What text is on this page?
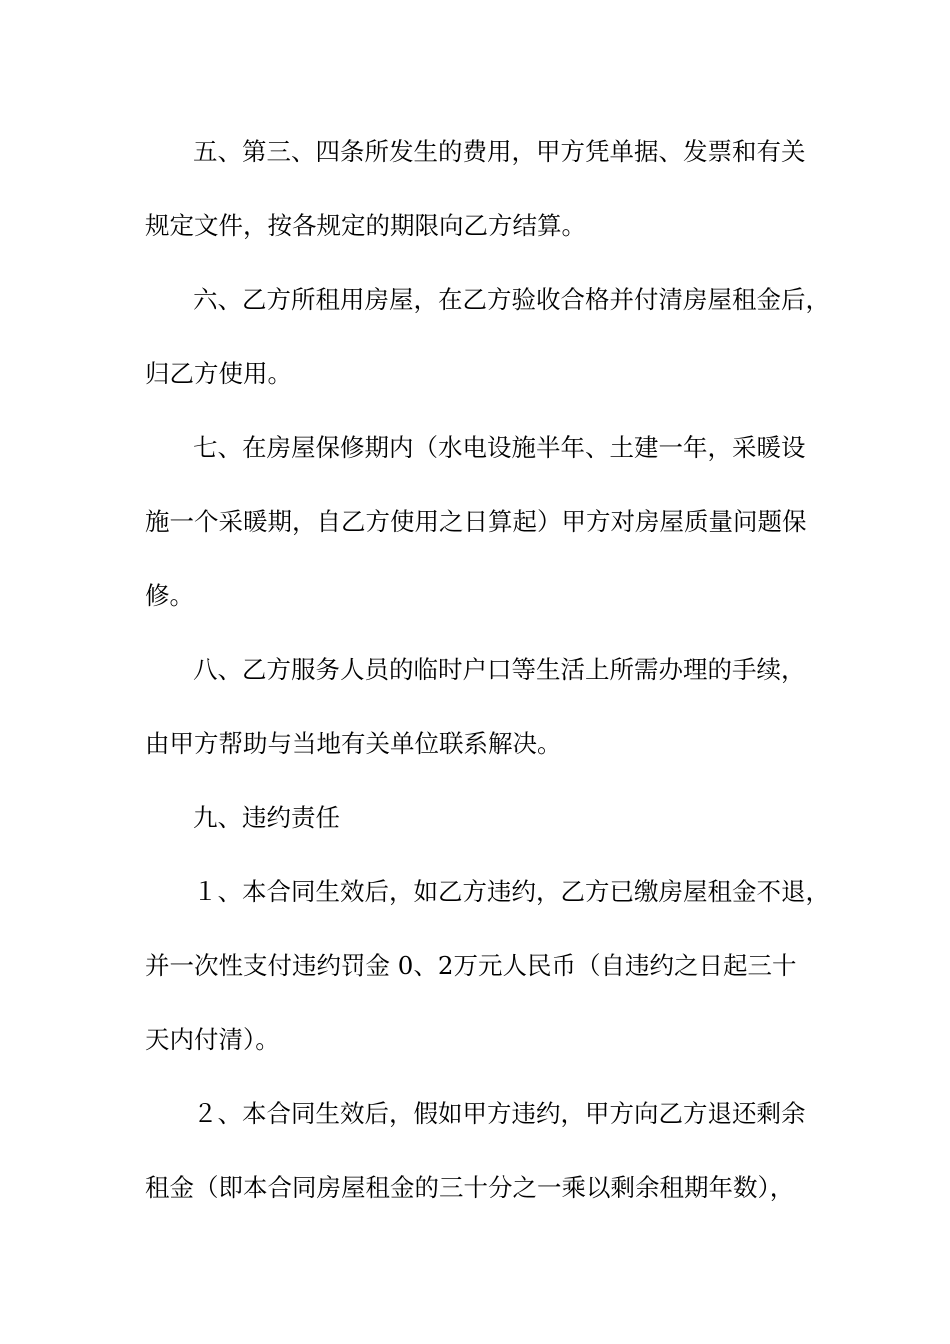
五、第三、四条所发生的费用，甲方凭单据、发票和有关
规定文件，按各规定的期限向乙方结算。
六、乙方所租用房屋，在乙方验收合格并付清房屋租金后，
归乙方使用。
七、在房屋保修期内（水电设施半年、土建一年，采暖设
施一个采暖期，自乙方使用之日算起）甲方对房屋质量问题保
修。
八、乙方服务人员的临时户口等生活上所需办理的手续，
由甲方帮助与当地有关单位联系解决。
九、违约责任
１、本合同生效后，如乙方违约，乙方已缴房屋租金不退，
并一次性支付违约罚金 0、2万元人民币（自违约之日起三十
天内付清）。
２、本合同生效后，假如甲方违约，甲方向乙方退还剩余
租金（即本合同房屋租金的三十分之一乘以剩余租期年数），
